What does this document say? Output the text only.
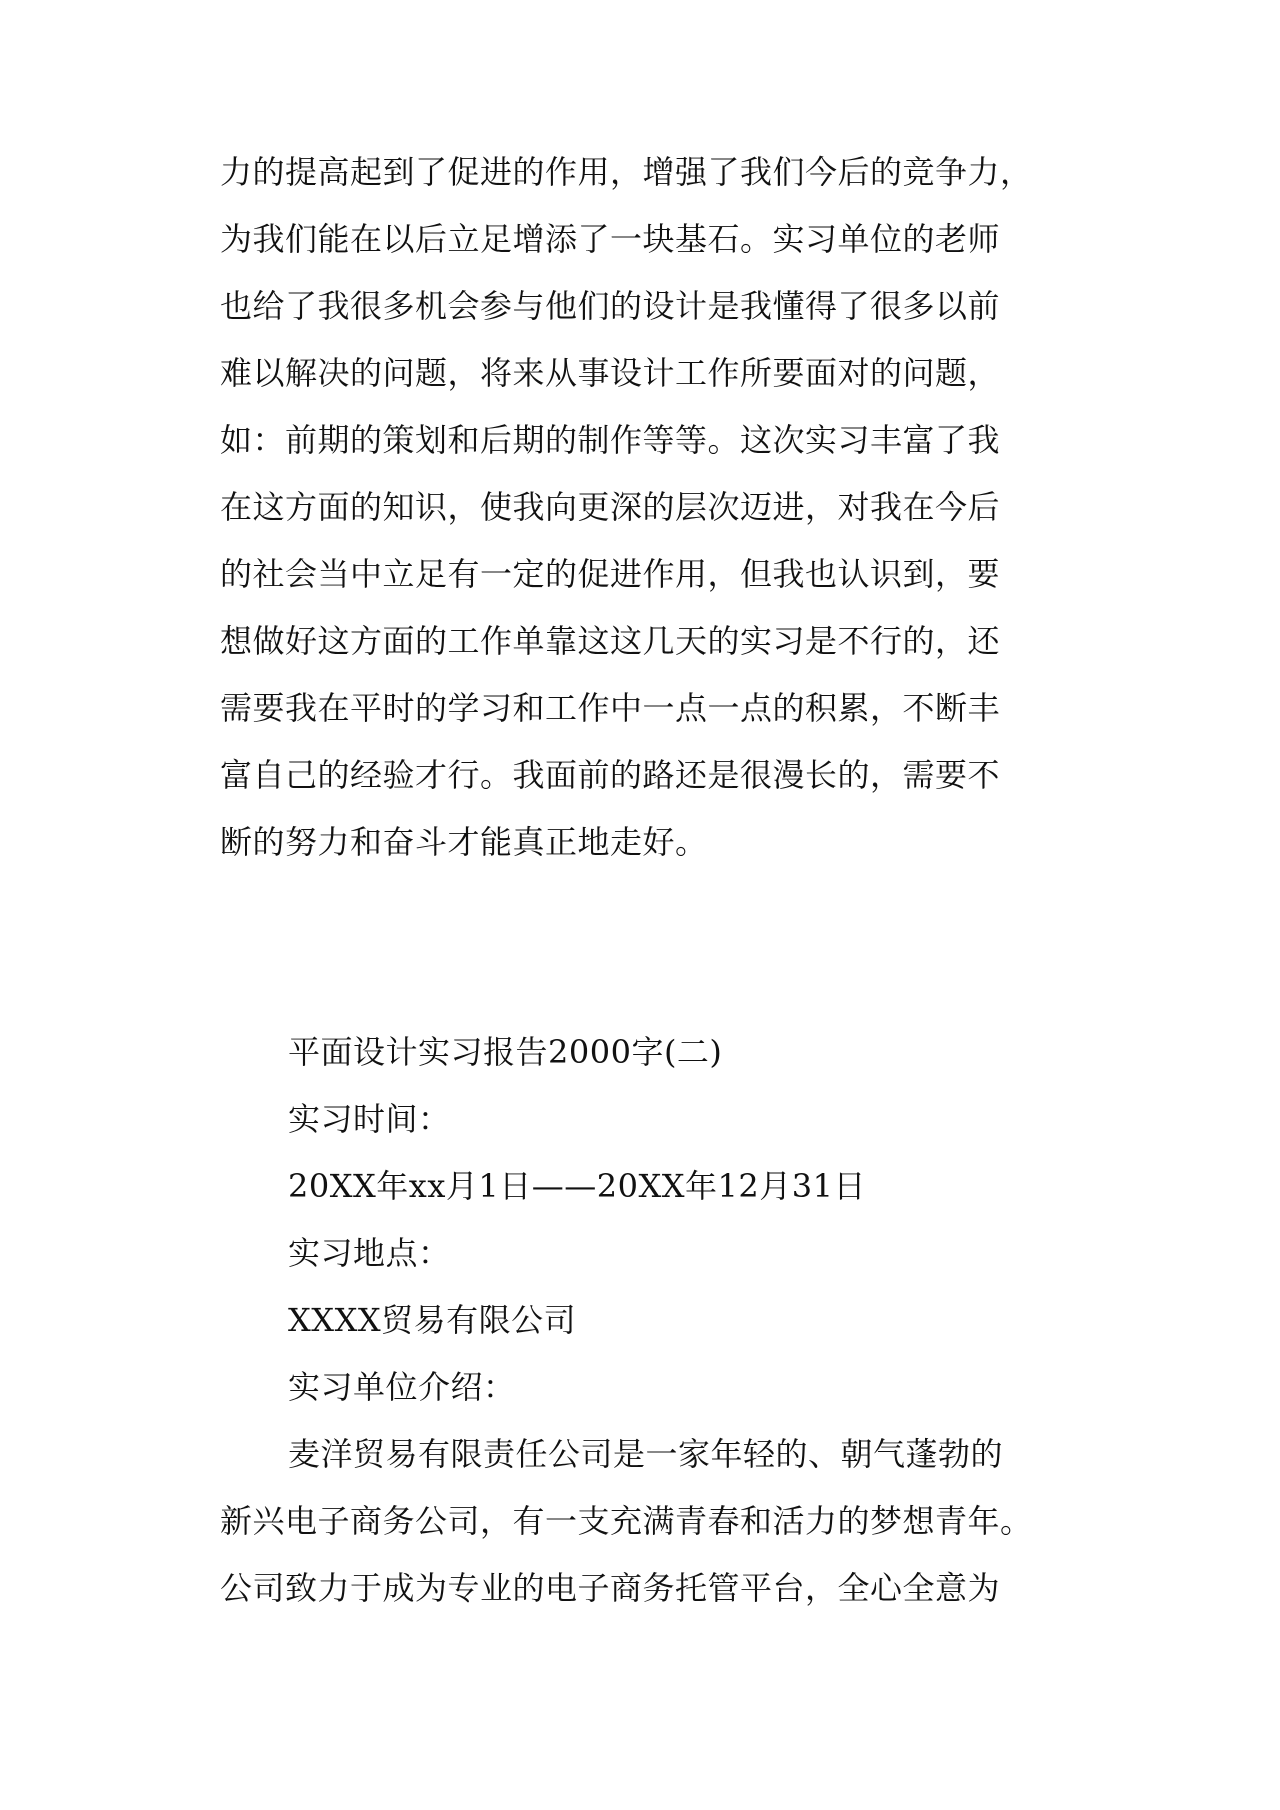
力的提高起到了促进的作用，增强了我们今后的竞争力，
为我们能在以后立足增添了一块基石。实习单位的老师
也给了我很多机会参与他们的设计是我懂得了很多以前
难以解决的问题，将来从事设计工作所要面对的问题，
如：前期的策划和后期的制作等等。这次实习丰富了我
在这方面的知识，使我向更深的层次迈进，对我在今后
的社会当中立足有一定的促进作用，但我也认识到，要
想做好这方面的工作单靠这这几天的实习是不行的，还
需要我在平时的学习和工作中一点一点的积累，不断丰
富自己的经验才行。我面前的路还是很漫长的，需要不
断的努力和奋斗才能真正地走好。
平面设计实习报告2000字(二)
实习时间：
20XX年xx月1日——20XX年12月31日
实习地点：
XXXX贸易有限公司
实习单位介绍：
麦洋贸易有限责任公司是一家年轻的、朝气蓬勃的
新兴电子商务公司，有一支充满青春和活力的梦想青年。
公司致力于成为专业的电子商务托管平台，全心全意为
